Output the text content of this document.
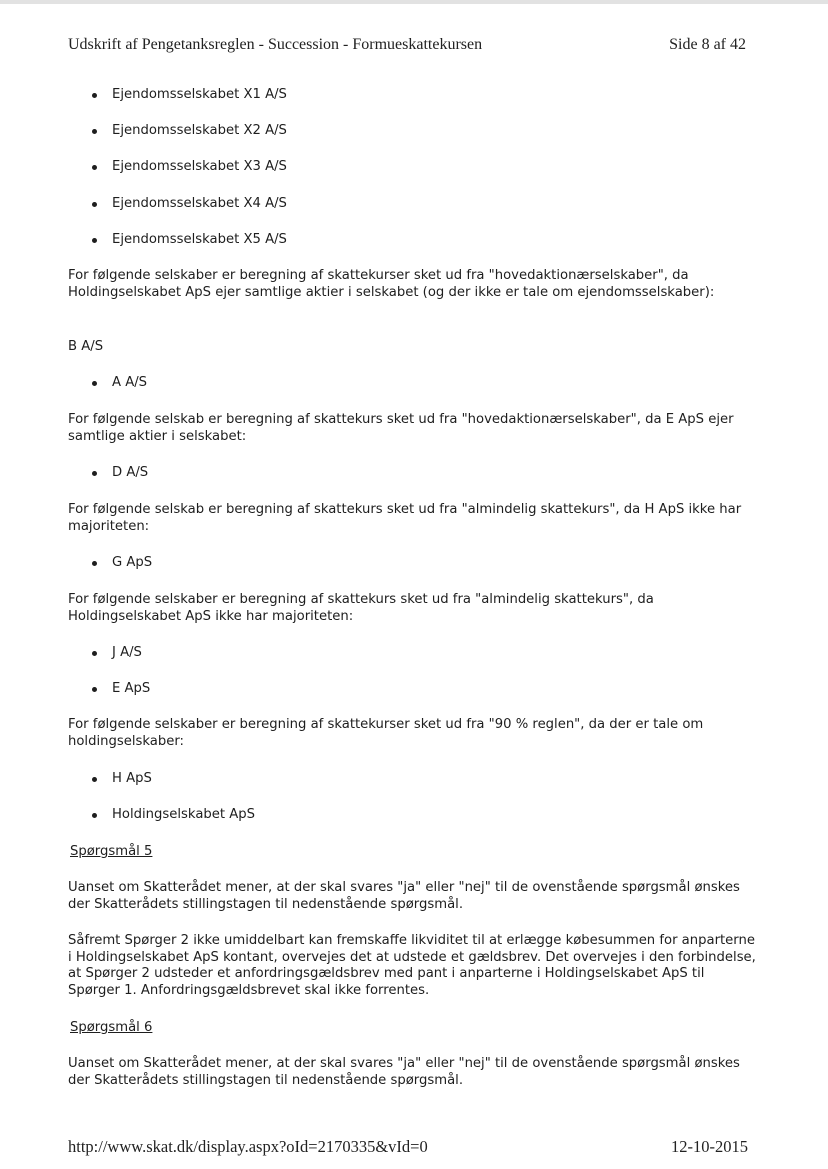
Udskrift af Pengetanksreglen - Succession - Formueskattekursen	Side 8 af 42
Ejendomsselskabet X1 A/S
Ejendomsselskabet X2 A/S
Ejendomsselskabet X3 A/S
Ejendomsselskabet X4 A/S
Ejendomsselskabet X5 A/S
For følgende selskaber er beregning af skattekurser sket ud fra "hovedaktionærselskaber", da Holdingselskabet ApS ejer samtlige aktier i selskabet (og der ikke er tale om ejendomsselskaber):
B A/S
A A/S
For følgende selskab er beregning af skattekurs sket ud fra "hovedaktionærselskaber", da E ApS ejer samtlige aktier i selskabet:
D A/S
For følgende selskab er beregning af skattekurs sket ud fra "almindelig skattekurs", da H ApS ikke har majoriteten:
G ApS
For følgende selskaber er beregning af skattekurs sket ud fra "almindelig skattekurs", da Holdingselskabet ApS ikke har majoriteten:
J A/S
E ApS
For følgende selskaber er beregning af skattekurser sket ud fra "90 % reglen", da der er tale om holdingselskaber:
H ApS
Holdingselskabet ApS
Spørgsmål 5
Uanset om Skatterådet mener, at der skal svares "ja" eller "nej" til de ovenstående spørgsmål ønskes der Skatterådets stillingstagen til nedenstående spørgsmål.
Såfremt Spørger 2 ikke umiddelbart kan fremskaffe likviditet til at erlægge købesummen for anparterne i Holdingselskabet ApS kontant, overvejes det at udstede et gældsbrev. Det overvejes i den forbindelse, at Spørger 2 udsteder et anfordringsgældsbrev med pant i anparterne i Holdingselskabet ApS til Spørger 1. Anfordringsgældsbrevet skal ikke forrentes.
Spørgsmål 6
Uanset om Skatterådet mener, at der skal svares "ja" eller "nej" til de ovenstående spørgsmål ønskes der Skatterådets stillingstagen til nedenstående spørgsmål.
http://www.skat.dk/display.aspx?oId=2170335&vId=0	12-10-2015
